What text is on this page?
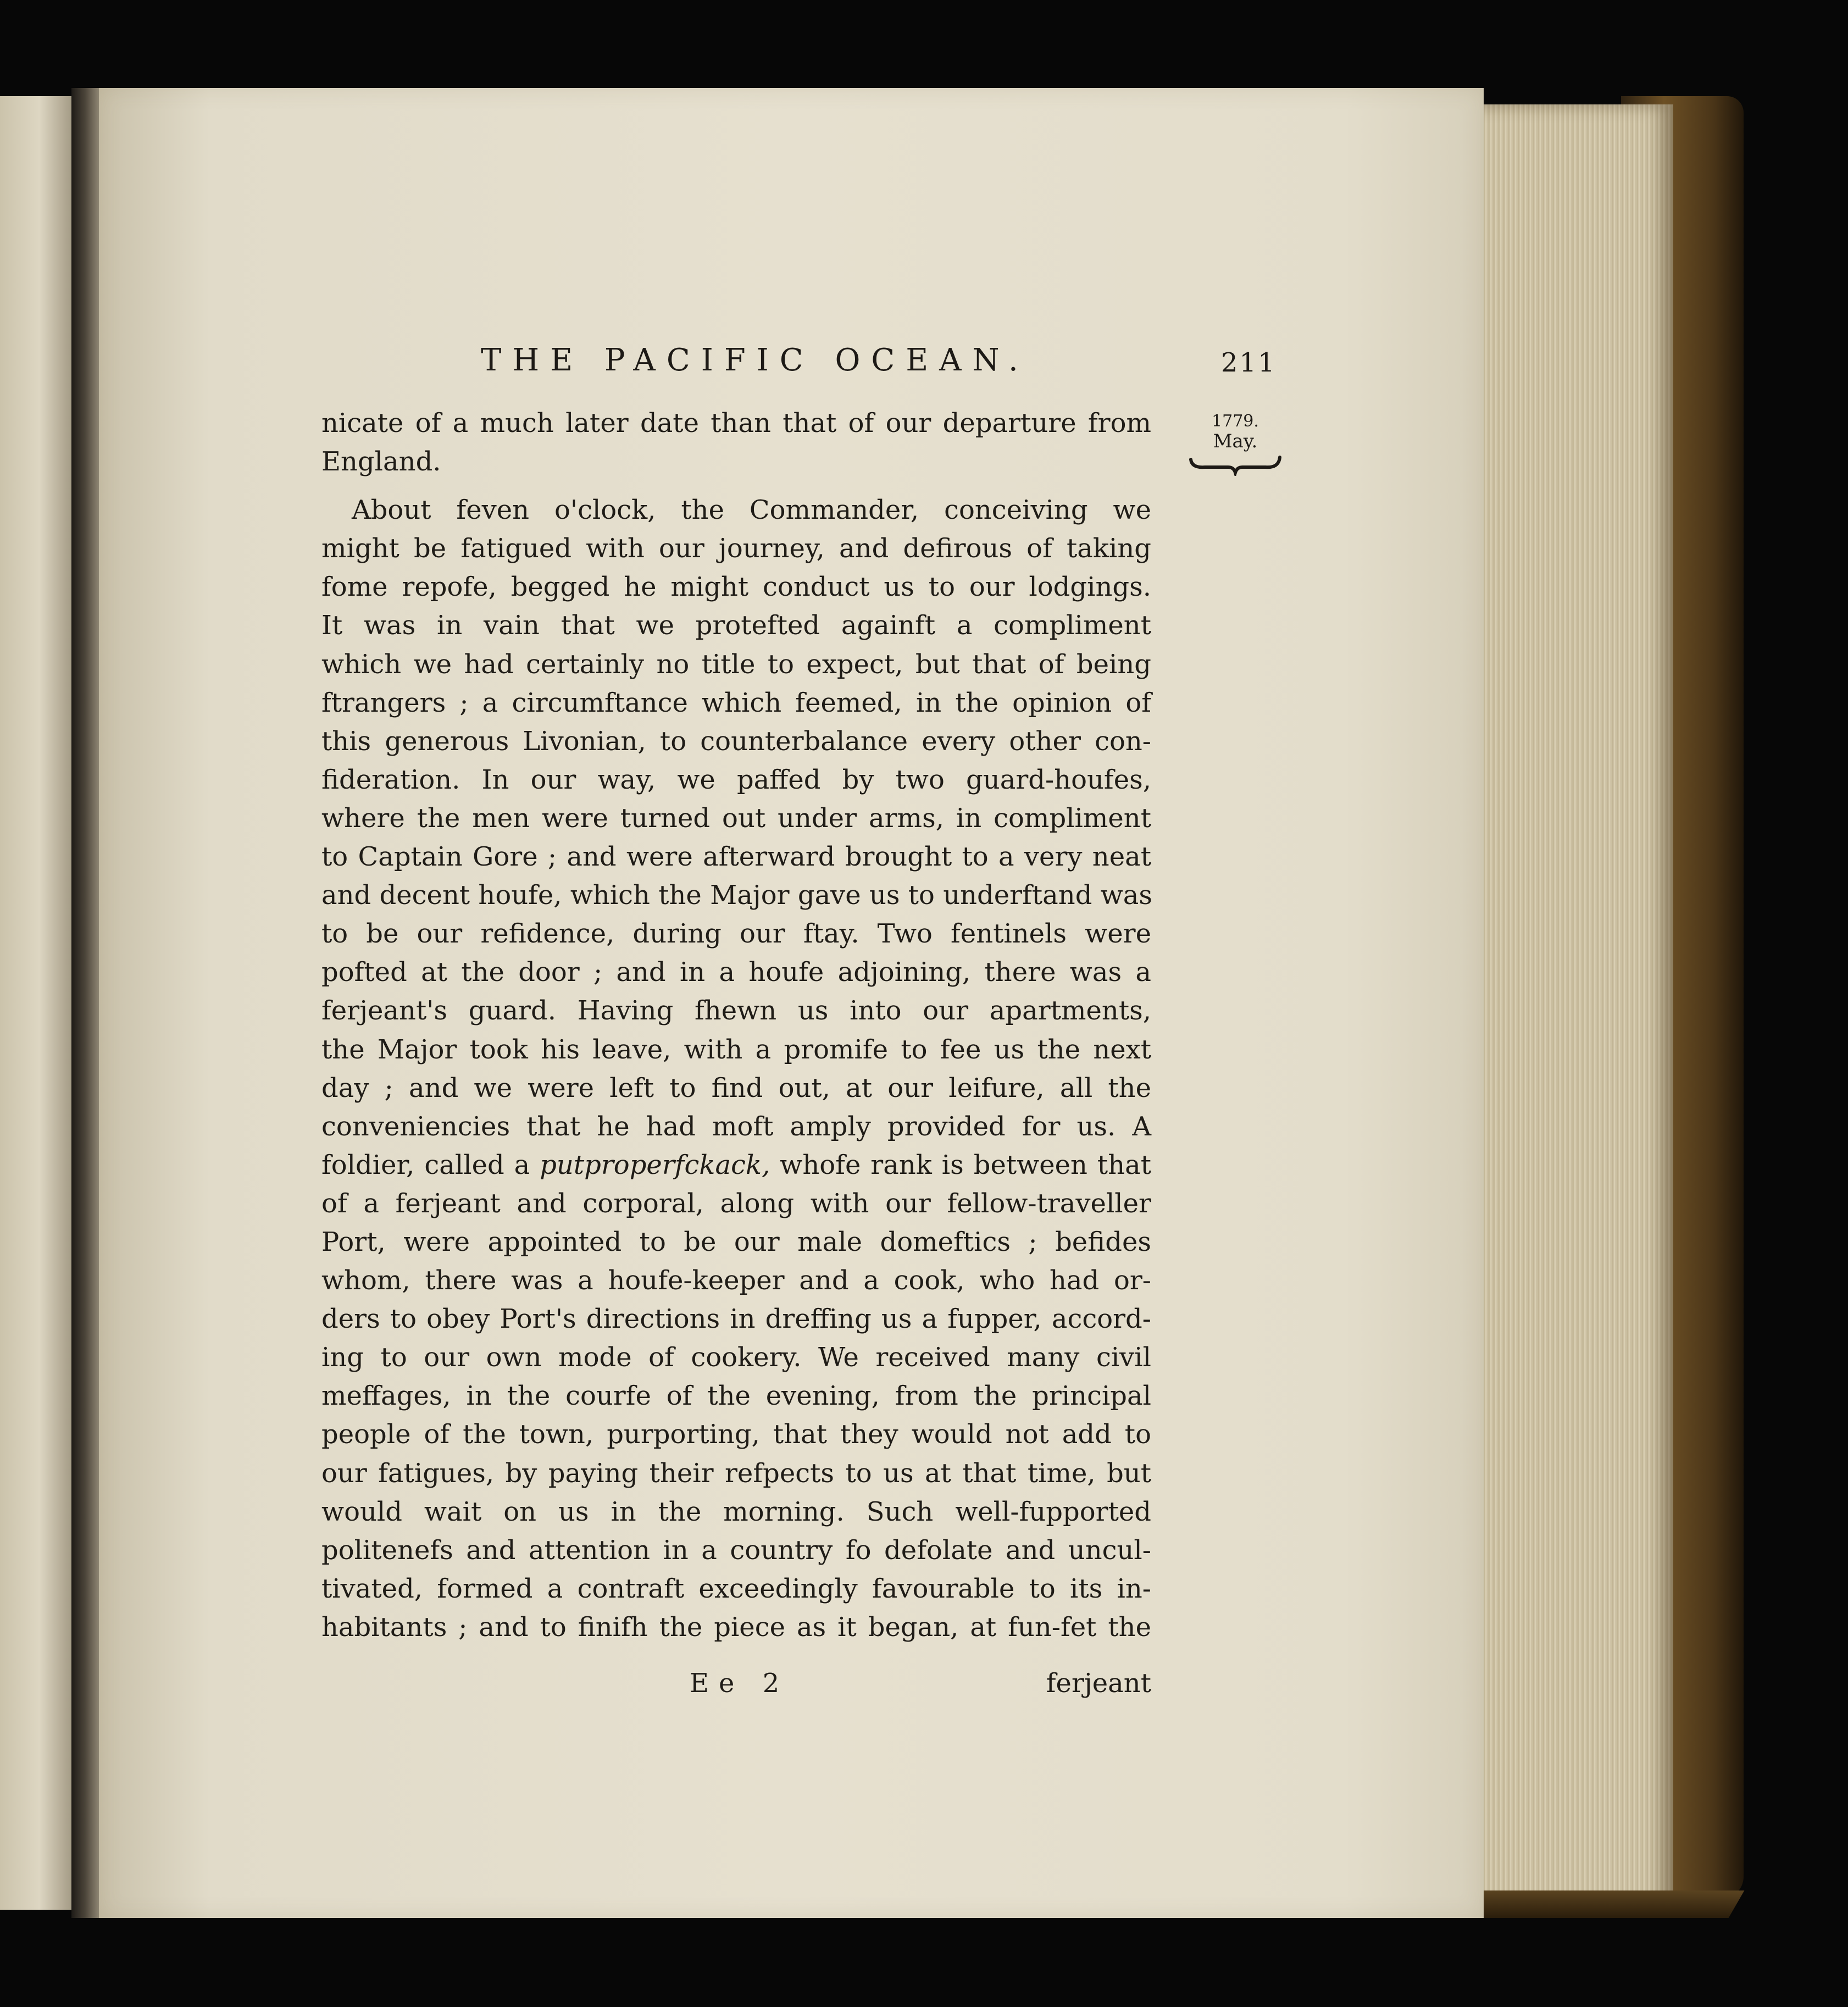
THE PACIFIC OCEAN.	211
1779.
May.
nicate of a much later date than that of our departure from
England.
About feven o'clock, the Commander, conceiving we
might be fatigued with our journey, and defirous of taking
fome repofe, begged he might conduct us to our lodgings.
It was in vain that we protefted againft a compliment
which we had certainly no title to expect, but that of being
ftrangers ; a circumftance which feemed, in the opinion of
this generous Livonian, to counterbalance every other con-
fideration. In our way, we paffed by two guard-houfes,
where the men were turned out under arms, in compliment
to Captain Gore ; and were afterward brought to a very neat
and decent houfe, which the Major gave us to underftand was
to be our refidence, during our ftay. Two fentinels were
pofted at the door ; and in a houfe adjoining, there was a
ferjeant's guard. Having fhewn us into our apartments,
the Major took his leave, with a promife to fee us the next
day ; and we were left to find out, at our leifure, all the
conveniencies that he had moft amply provided for us. A
foldier, called a putproperfckack, whofe rank is between that
of a ferjeant and corporal, along with our fellow-traveller
Port, were appointed to be our male domeftics ; befides
whom, there was a houfe-keeper and a cook, who had or-
ders to obey Port's directions in dreffing us a fupper, accord-
ing to our own mode of cookery. We received many civil
meffages, in the courfe of the evening, from the principal
people of the town, purporting, that they would not add to
our fatigues, by paying their refpects to us at that time, but
would wait on us in the morning. Such well-fupported
politenefs and attention in a country fo defolate and uncul-
tivated, formed a contraft exceedingly favourable to its in-
habitants ; and to finifh the piece as it began, at fun-fet the
Ee 2	ferjeant
